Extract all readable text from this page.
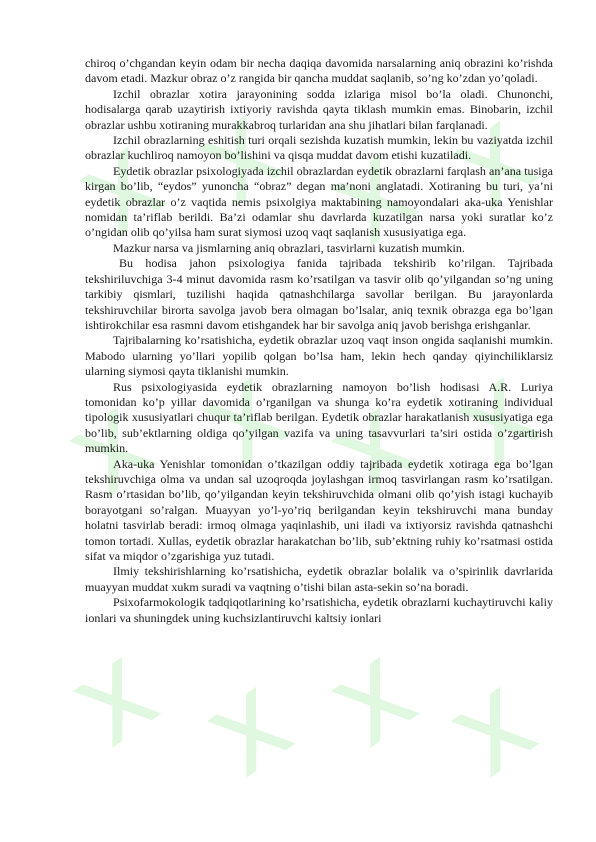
chiroq o’chgandan keyin odam bir necha daqiqa davomida narsalarning aniq obrazini ko’rishda davom etadi. Mazkur obraz o’z rangida bir qancha muddat saqlanib, so’ng ko’zdan yo’qoladi.

Izchil obrazlar xotira jarayonining sodda izlariga misol bo’la oladi. Chunonchi, hodisalarga qarab uzaytirish ixtiyoriy ravishda qayta tiklash mumkin emas. Binobarin, izchil obrazlar ushbu xotiraning murakkabroq turlaridan ana shu jihatlari bilan farqlanadi.

Izchil obrazlarning eshitish turi orqali sezishda kuzatish mumkin, lekin bu vaziyatda izchil obrazlar kuchliroq namoyon bo’lishini va qisqa muddat davom etishi kuzatiladi.

Eydetik obrazlar psixologiyada izchil obrazlardan eydetik obrazlarni farqlash an’ana tusiga kirgan bo’lib, “eydos” yunoncha “obraz” degan ma’noni anglatadi. Xotiraning bu turi, ya’ni eydetik obrazlar o’z vaqtida nemis psixolgiya maktabining namoyondalari aka-uka Yenishlar nomidan ta’riflab berildi. Ba’zi odamlar shu davrlarda kuzatilgan narsa yoki suratlar ko’z o’ngidan olib qo’yilsa ham surat siymosi uzoq vaqt saqlanish xususiyatiga ega.

Mazkur narsa va jismlarning aniq obrazlari, tasvirlarni kuzatish mumkin.

Bu hodisa jahon psixologiya fanida tajribada tekshirib ko’rilgan. Tajribada tekshiriluvchiga 3-4 minut davomida rasm ko’rsatilgan va tasvir olib qo’yilgandan so’ng uning tarkibiy qismlari, tuzilishi haqida qatnashchilarga savollar berilgan. Bu jarayonlarda tekshiruvchilar birorta savolga javob bera olmagan bo’lsalar, aniq texnik obrazga ega bo’lgan ishtirokchilar esa rasmni davom etishgandek har bir savolga aniq javob berishga erishganlar.

Tajribalarning ko’rsatishicha, eydetik obrazlar uzoq vaqt inson ongida saqlanishi mumkin. Mabodo ularning yo’llari yopilib qolgan bo’lsa ham, lekin hech qanday qiyinchiliklarsiz ularning siymosi qayta tiklanishi mumkin.

Rus psixologiyasida eydetik obrazlarning namoyon bo’lish hodisasi A.R. Luriya tomonidan ko’p yillar davomida o’rganilgan va shunga ko’ra eydetik xotiraning individual tipologik xususiyatlari chuqur ta’riflab berilgan. Eydetik obrazlar harakatlanish xususiyatiga ega bo’lib, sub’ektlarning oldiga qo’yilgan vazifa va uning tasavvurlari ta’siri ostida o’zgartirish mumkin.

Aka-uka Yenishlar tomonidan o’tkazilgan oddiy tajribada eydetik xotiraga ega bo’lgan tekshiruvchiga olma va undan sal uzoqroqda joylashgan irmoq tasvirlangan rasm ko’rsatilgan. Rasm o’rtasidan bo’lib, qo’yilgandan keyin tekshiruvchida olmani olib qo’yish istagi kuchayib borayotgani so’ralgan. Muayyan yo’l-yo’riq berilgandan keyin tekshiruvchi mana bunday holatni tasvirlab beradi: irmoq olmaga yaqinlashib, uni iladi va ixtiyorsiz ravishda qatnashchi tomon tortadi. Xullas, eydetik obrazlar harakatchan bo’lib, sub’ektning ruhiy ko’rsatmasi ostida sifat va miqdor o’zgarishiga yuz tutadi.

Ilmiy tekshirishlarning ko’rsatishicha, eydetik obrazlar bolalik va o’spirinlik davrlarida muayyan muddat xukm suradi va vaqtning o’tishi bilan asta-sekin so’na boradi.

Psixofarmokologik tadqiqotlarining ko’rsatishicha, eydetik obrazlarni kuchaytiruvchi kaliy ionlari va shuningdek uning kuchsizlantiruvchi kaltsiy ionlari
